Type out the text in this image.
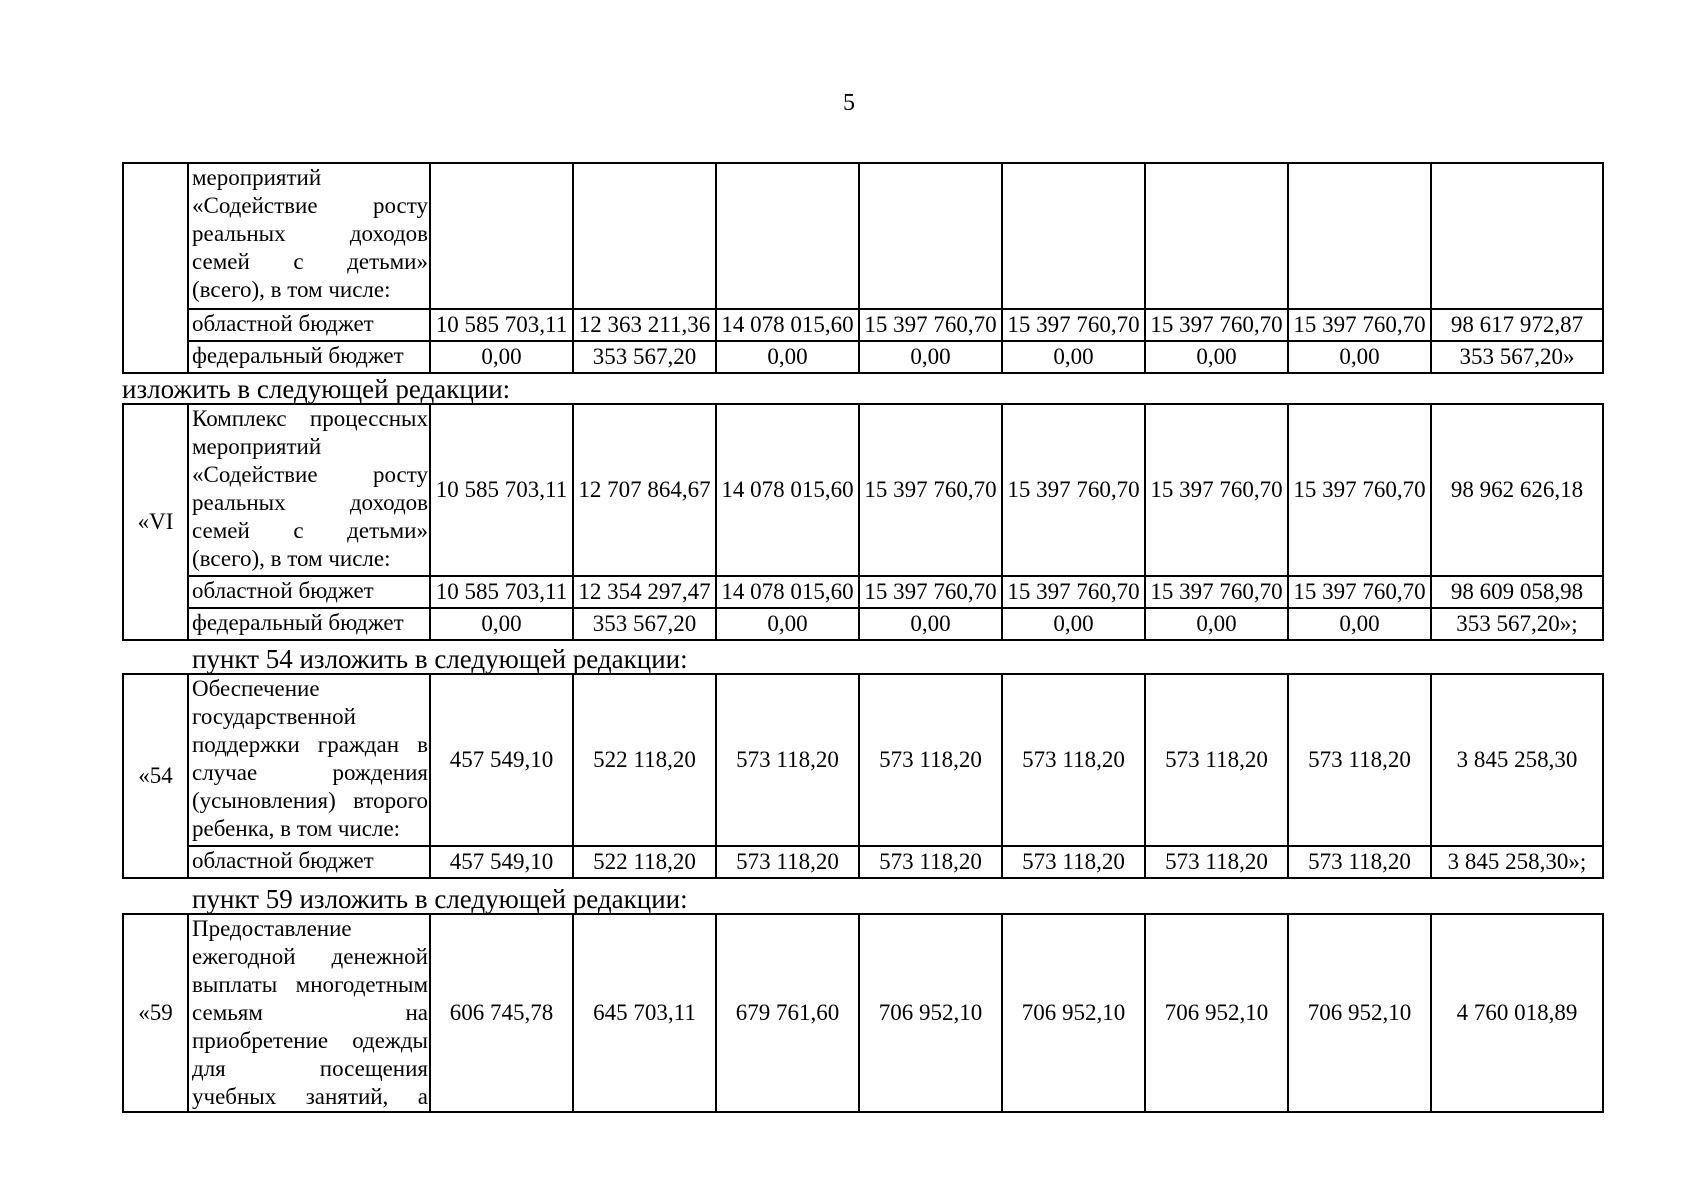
5
	мероприятий «Содействие росту реальных доходов семей с детьми» (всего), в том числе:								
	областной бюджет	10 585 703,11	12 363 211,36	14 078 015,60	15 397 760,70	15 397 760,70	15 397 760,70	15 397 760,70	98 617 972,87
	федеральный бюджет	0,00	353 567,20	0,00	0,00	0,00	0,00	0,00	353 567,20»
изложить в следующей редакции:
«VI	Комплекс процессных мероприятий «Содействие росту реальных доходов семей с детьми» (всего), в том числе:	10 585 703,11	12 707 864,67	14 078 015,60	15 397 760,70	15 397 760,70	15 397 760,70	15 397 760,70	98 962 626,18
	областной бюджет	10 585 703,11	12 354 297,47	14 078 015,60	15 397 760,70	15 397 760,70	15 397 760,70	15 397 760,70	98 609 058,98
	федеральный бюджет	0,00	353 567,20	0,00	0,00	0,00	0,00	0,00	353 567,20»;
пункт 54 изложить в следующей редакции:
«54	Обеспечение государственной поддержки граждан в случае рождения (усыновления) второго ребенка, в том числе:	457 549,10	522 118,20	573 118,20	573 118,20	573 118,20	573 118,20	573 118,20	3 845 258,30
	областной бюджет	457 549,10	522 118,20	573 118,20	573 118,20	573 118,20	573 118,20	573 118,20	3 845 258,30»;
пункт 59 изложить в следующей редакции:
«59	Предоставление ежегодной денежной выплаты многодетным семьям на приобретение одежды для посещения учебных занятий, а	606 745,78	645 703,11	679 761,60	706 952,10	706 952,10	706 952,10	706 952,10	4 760 018,89
